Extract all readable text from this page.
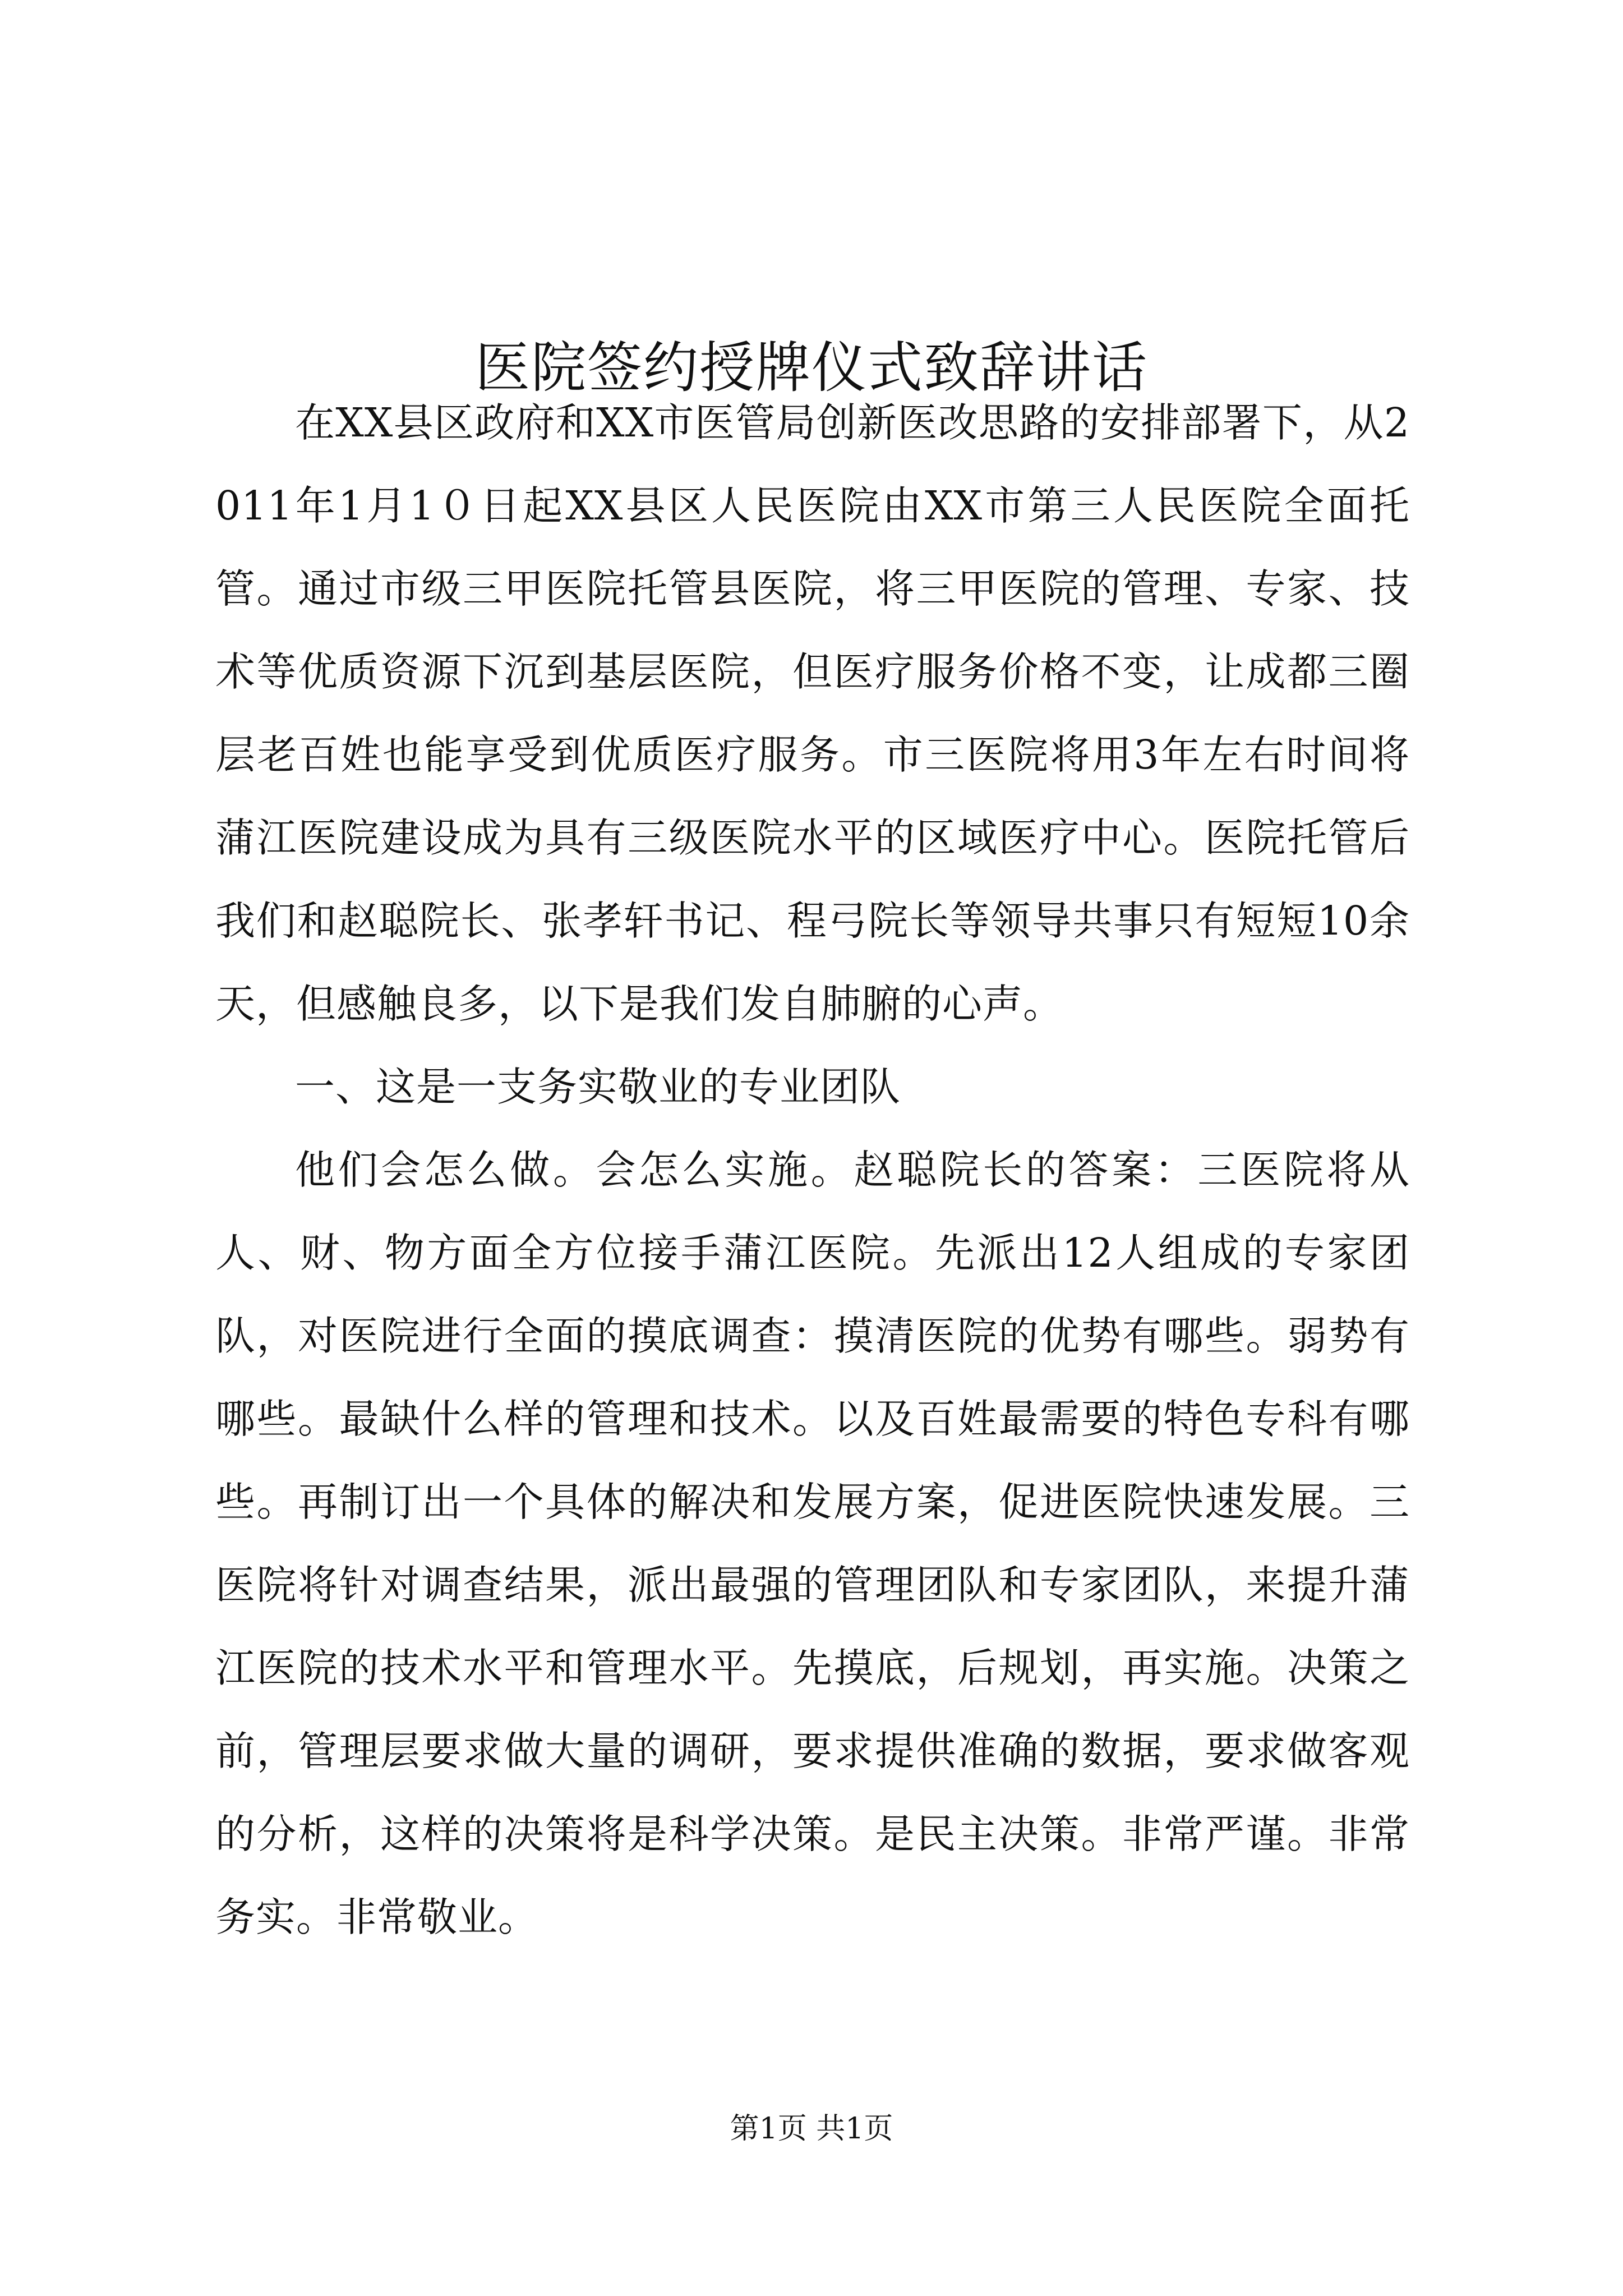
医院签约授牌仪式致辞讲话

在XX县区政府和XX市医管局创新医改思路的安排部署下，从2011年1月1０日起XX县区人民医院由XX市第三人民医院全面托管。通过市级三甲医院托管县医院，将三甲医院的管理、专家、技术等优质资源下沉到基层医院，但医疗服务价格不变，让成都三圈层老百姓也能享受到优质医疗服务。市三医院将用3年左右时间将蒲江医院建设成为具有三级医院水平的区域医疗中心。医院托管后我们和赵聪院长、张孝轩书记、程弓院长等领导共事只有短短10余天，但感触良多，以下是我们发自肺腑的心声。

一、这是一支务实敬业的专业团队

他们会怎么做。会怎么实施。赵聪院长的答案：三医院将从人、财、物方面全方位接手蒲江医院。先派出12人组成的专家团队，对医院进行全面的摸底调查：摸清医院的优势有哪些。弱势有哪些。最缺什么样的管理和技术。以及百姓最需要的特色专科有哪些。再制订出一个具体的解决和发展方案，促进医院快速发展。三医院将针对调查结果，派出最强的管理团队和专家团队，来提升蒲江医院的技术水平和管理水平。先摸底，后规划，再实施。决策之前，管理层要求做大量的调研，要求提供准确的数据，要求做客观的分析，这样的决策将是科学决策。是民主决策。非常严谨。非常务实。非常敬业。

第1页 共1页
